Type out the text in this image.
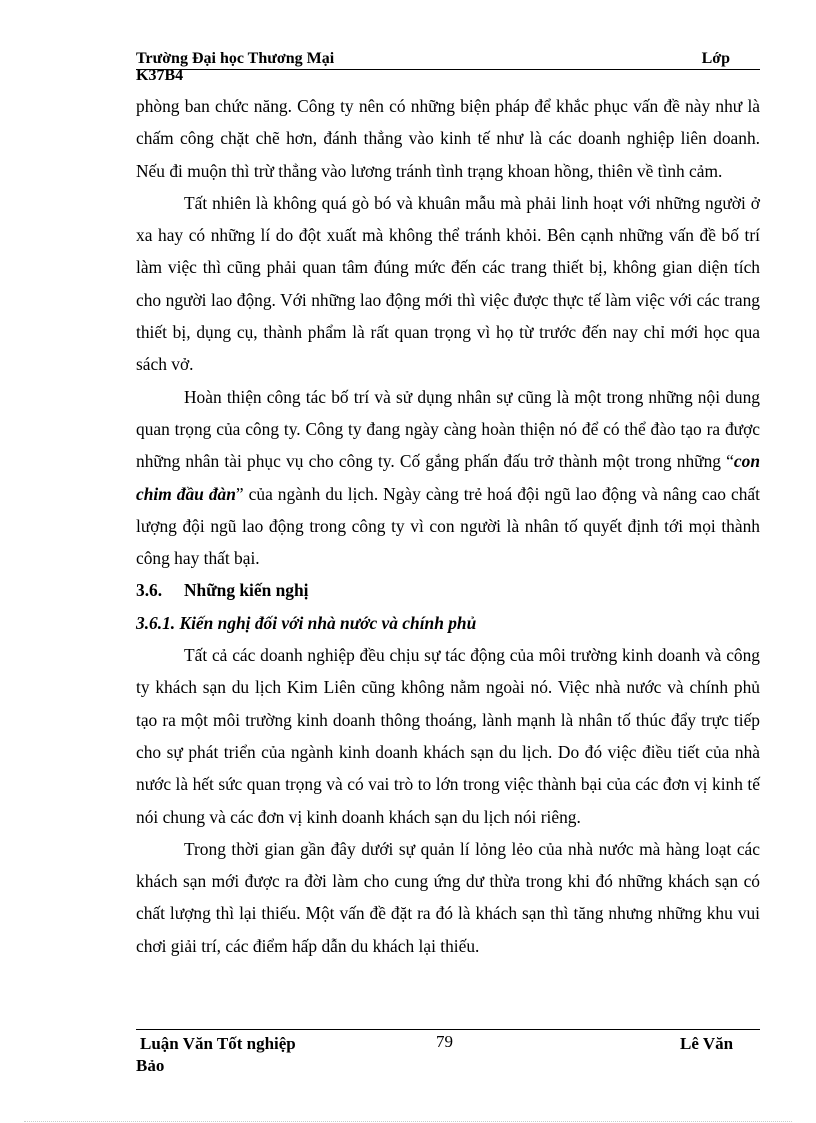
Trường Đại học Thương Mại	Lớp
K37B4

phòng ban chức năng. Công ty nên có những biện pháp để khắc phục vấn đề này như là chấm công chặt chẽ hơn, đánh thẳng vào kinh tế như là các doanh nghiệp liên doanh. Nếu đi muộn thì trừ thẳng vào lương tránh tình trạng khoan hồng, thiên về tình cảm.

Tất nhiên là không quá gò bó và khuân mẫu mà phải linh hoạt với những người ở xa hay có những lí do đột xuất mà không thể tránh khỏi. Bên cạnh những vấn đề bố trí làm việc thì cũng phải quan tâm đúng mức đến các trang thiết bị, không gian diện tích cho người lao động. Với những lao động mới thì việc được thực tế làm việc với các trang thiết bị, dụng cụ, thành phẩm là rất quan trọng vì họ từ trước đến nay chỉ mới học qua sách vở.

Hoàn thiện công tác bố trí và sử dụng nhân sự cũng là một trong những nội dung quan trọng của công ty. Công ty đang ngày càng hoàn thiện nó để có thể đào tạo ra được những nhân tài phục vụ cho công ty. Cố gắng phấn đấu trở thành một trong những “con chim đầu đàn” của ngành du lịch. Ngày càng trẻ hoá đội ngũ lao động và nâng cao chất lượng đội ngũ lao động trong công ty vì con người là nhân tố quyết định tới mọi thành công hay thất bại.

3.6.	Những kiến nghị
3.6.1. Kiến nghị đối với nhà nước và chính phủ

Tất cả các doanh nghiệp đều chịu sự tác động của môi trường kinh doanh và công ty khách sạn du lịch Kim Liên cũng không nằm ngoài nó. Việc nhà nước và chính phủ tạo ra một môi trường kinh doanh thông thoáng, lành mạnh là nhân tố thúc đẩy trực tiếp cho sự phát triển của ngành kinh doanh khách sạn du lịch. Do đó việc điều tiết của nhà nước là hết sức quan trọng và có vai trò to lớn trong việc thành bại của các đơn vị kinh tế nói chung và các đơn vị kinh doanh khách sạn du lịch nói riêng.

Trong thời gian gần đây dưới sự quản lí lỏng lẻo của nhà nước mà hàng loạt các khách sạn mới được ra đời làm cho cung ứng dư thừa trong khi đó những khách sạn có chất lượng thì lại thiếu. Một vấn đề đặt ra đó là khách sạn thì tăng nhưng những khu vui chơi giải trí, các điểm hấp dẫn du khách lại thiếu.

Luận Văn Tốt nghiệp	79	Lê Văn
Bảo
